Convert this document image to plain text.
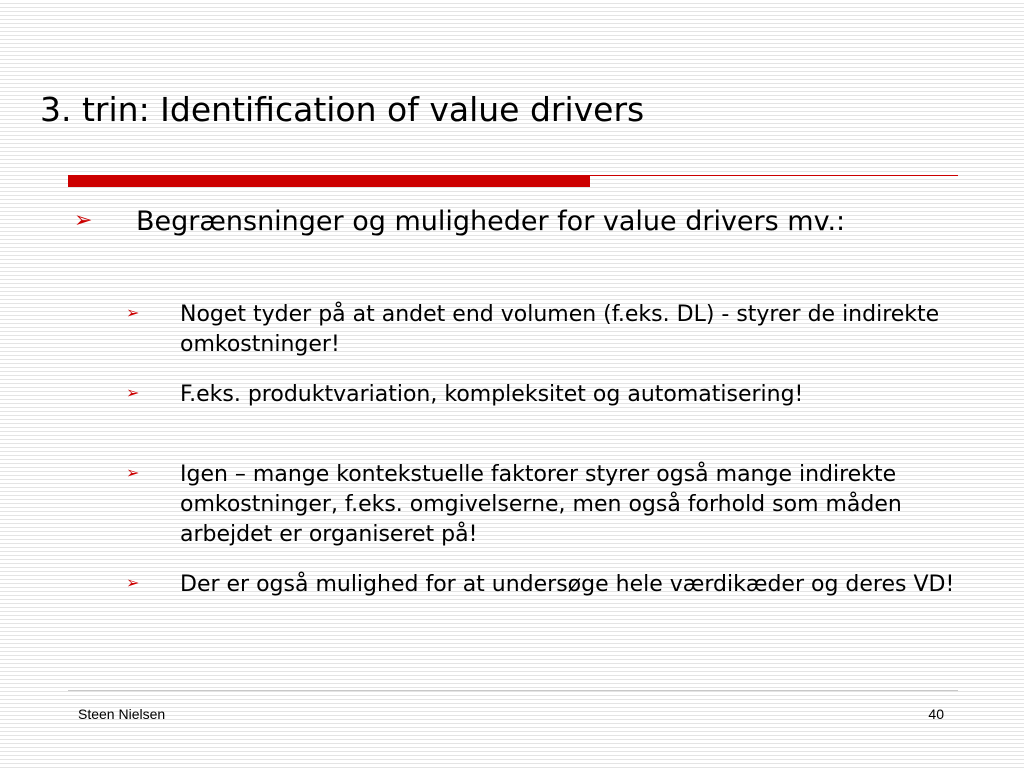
3. trin: Identification of value drivers
➢ Begrænsninger og muligheder for value drivers mv.:
➢ Noget tyder på at andet end volumen (f.eks. DL) - styrer de indirekte omkostninger!
➢ F.eks. produktvariation, kompleksitet og automatisering!
➢ Igen – mange kontekstuelle faktorer styrer også mange indirekte omkostninger, f.eks. omgivelserne, men også forhold som måden arbejdet er organiseret på!
➢ Der er også mulighed for at undersøge hele værdikæder og deres VD!
Steen Nielsen	40
